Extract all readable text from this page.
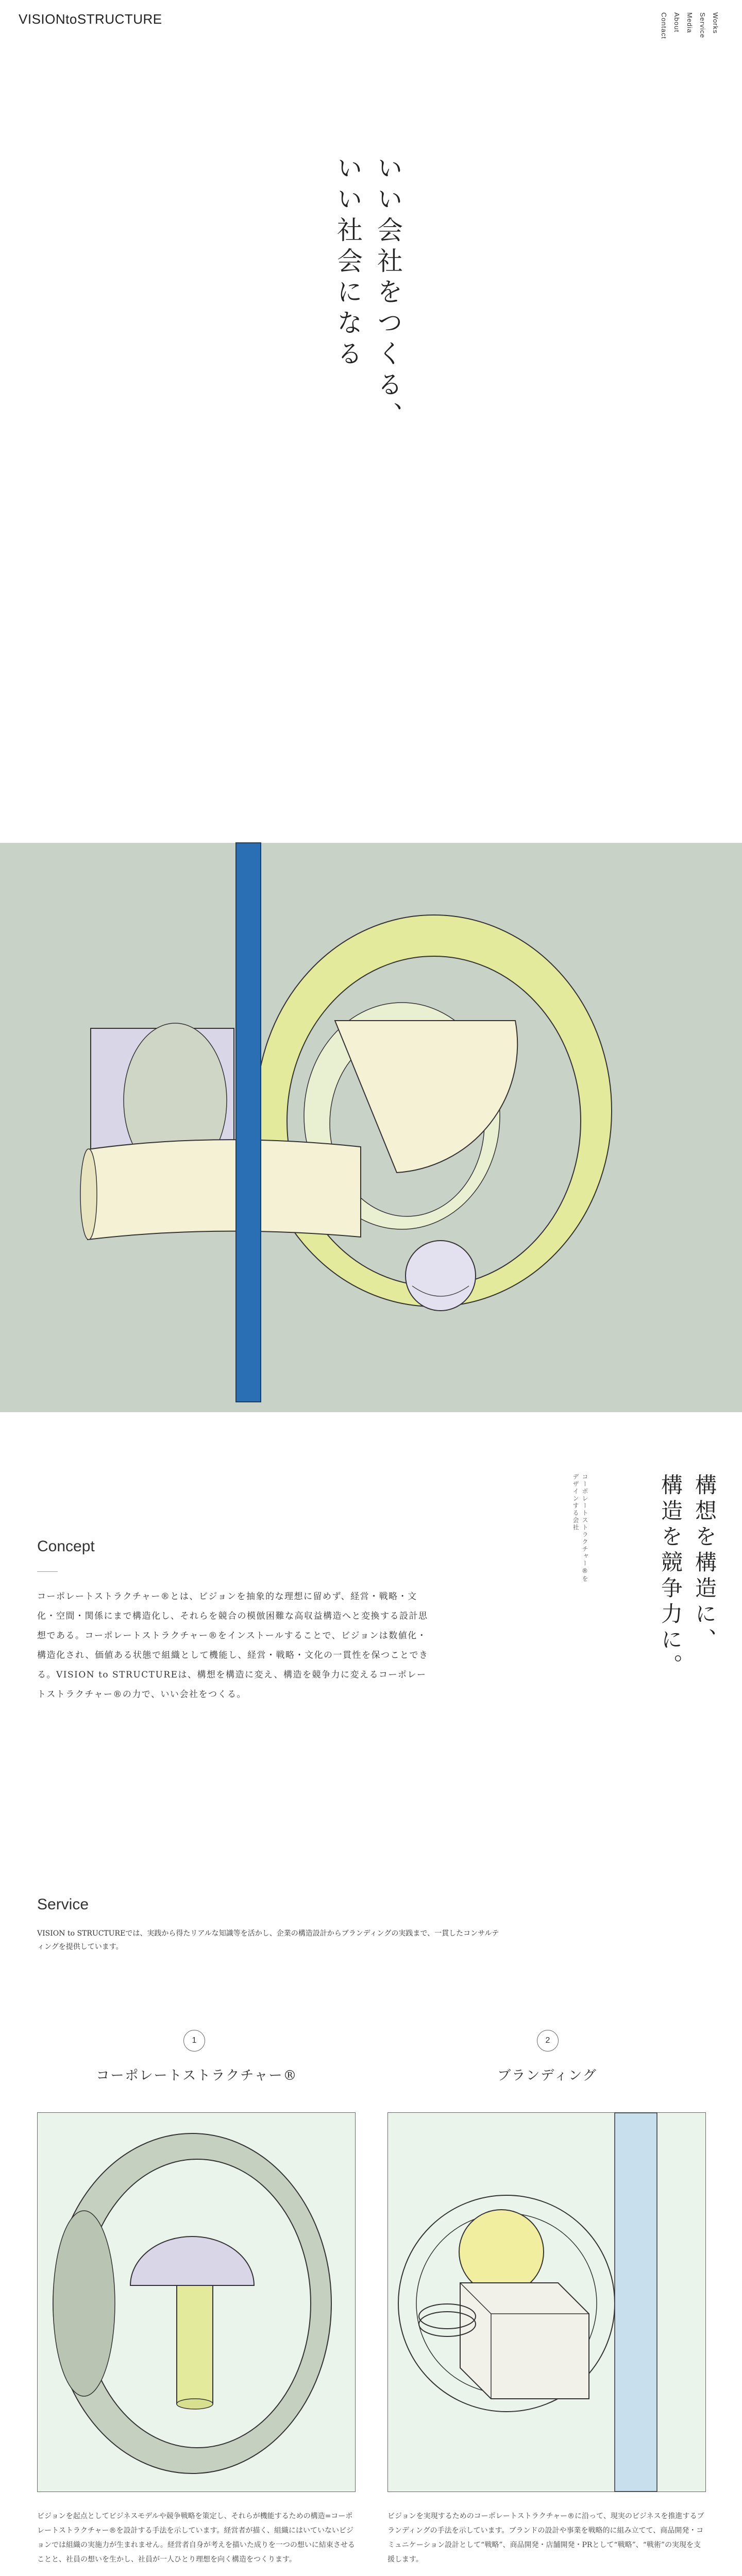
VISIONtoSTRUCTURE	Works
Service
Media
About
Contact
いい会社をつくる、
いい社会になる
構想を構造に、
構造を競争力に。
コーポレートストラクチャー®を
デザインする会社
Concept
コーポレートストラクチャー®とは、ビジョンを抽象的な理想に留めず、経営・戦略・文化・空間・関係にまで構造化し、それらを競合の模倣困難な高収益構造へと変換する設計思想である。コーポレートストラクチャー®をインストールすることで、ビジョンは数値化・構造化され、価値ある状態で組織として機能し、経営・戦略・文化の一貫性を保つことできる。VISION to STRUCTUREは、構想を構造に変え、構造を競争力に変えるコーポレートストラクチャー®の力で、いい会社をつくる。
Service
VISION to STRUCTUREでは、実践から得たリアルな知識等を活かし、企業の構造設計からブランディングの実践まで、一貫したコンサルティングを提供しています。
1
コーポレートストラクチャー®
ビジョンを起点としてビジネスモデルや競争戦略を策定し、それらが機能するための構造=コーポレートストラクチャー®を設計する手法を示しています。経営者が描く、組織にはいていないビジョンでは組織の実施力が生まれません。経営者自身が考えを描いた成りを一つの想いに結束させることと、社員の想いを生かし、社員が一人ひとり理想を向く構造をつくります。
2
ブランディング
ビジョンを実現するためのコーポレートストラクチャー®に沿って、現実のビジネスを推進するブランディングの手法を示しています。ブランドの設計や事業を戦略的に組み立てて、商品開発・コミュニケーション設計として“戦略”、商品開発・店舗開発・PRとして“戦略”、“戦術”の実現を支援します。
